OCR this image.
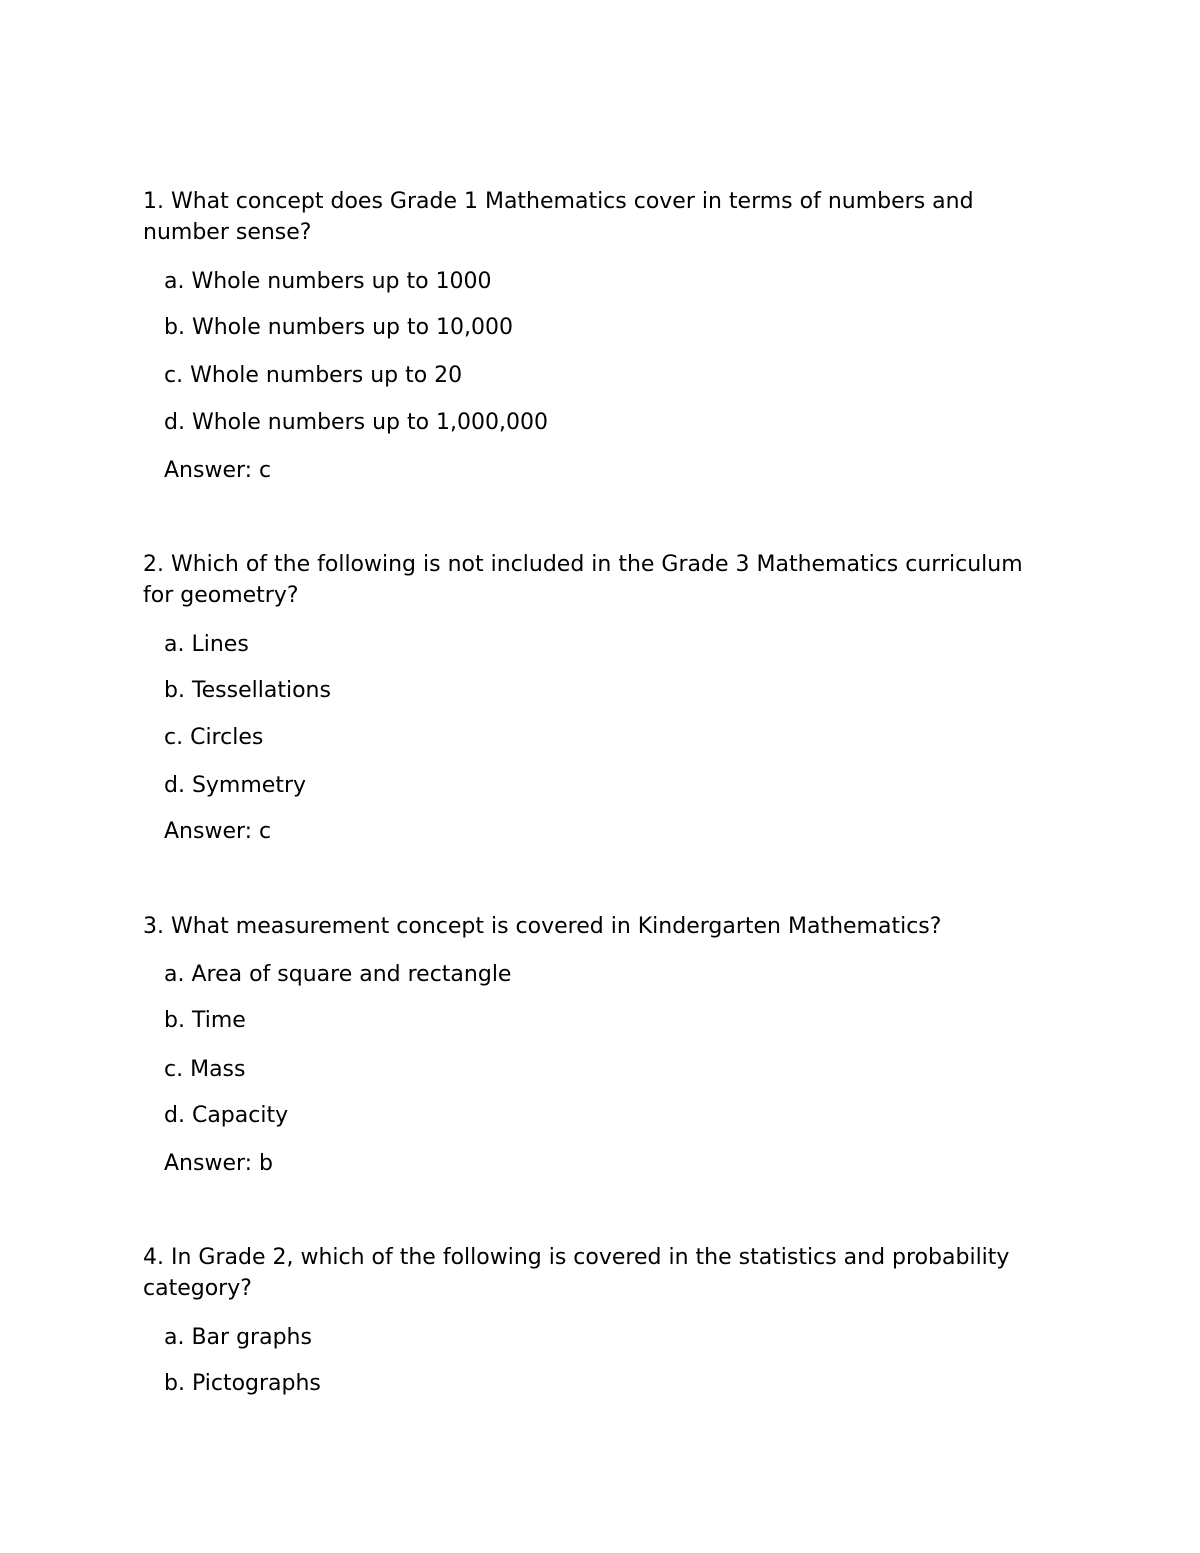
1. What concept does Grade 1 Mathematics cover in terms of numbers and number sense?

a. Whole numbers up to 1000

b. Whole numbers up to 10,000

c. Whole numbers up to 20

d. Whole numbers up to 1,000,000

Answer: c

2. Which of the following is not included in the Grade 3 Mathematics curriculum for geometry?

a. Lines

b. Tessellations

c. Circles

d. Symmetry

Answer: c

3. What measurement concept is covered in Kindergarten Mathematics?

a. Area of square and rectangle

b. Time

c. Mass

d. Capacity

Answer: b

4. In Grade 2, which of the following is covered in the statistics and probability category?

a. Bar graphs

b. Pictographs
